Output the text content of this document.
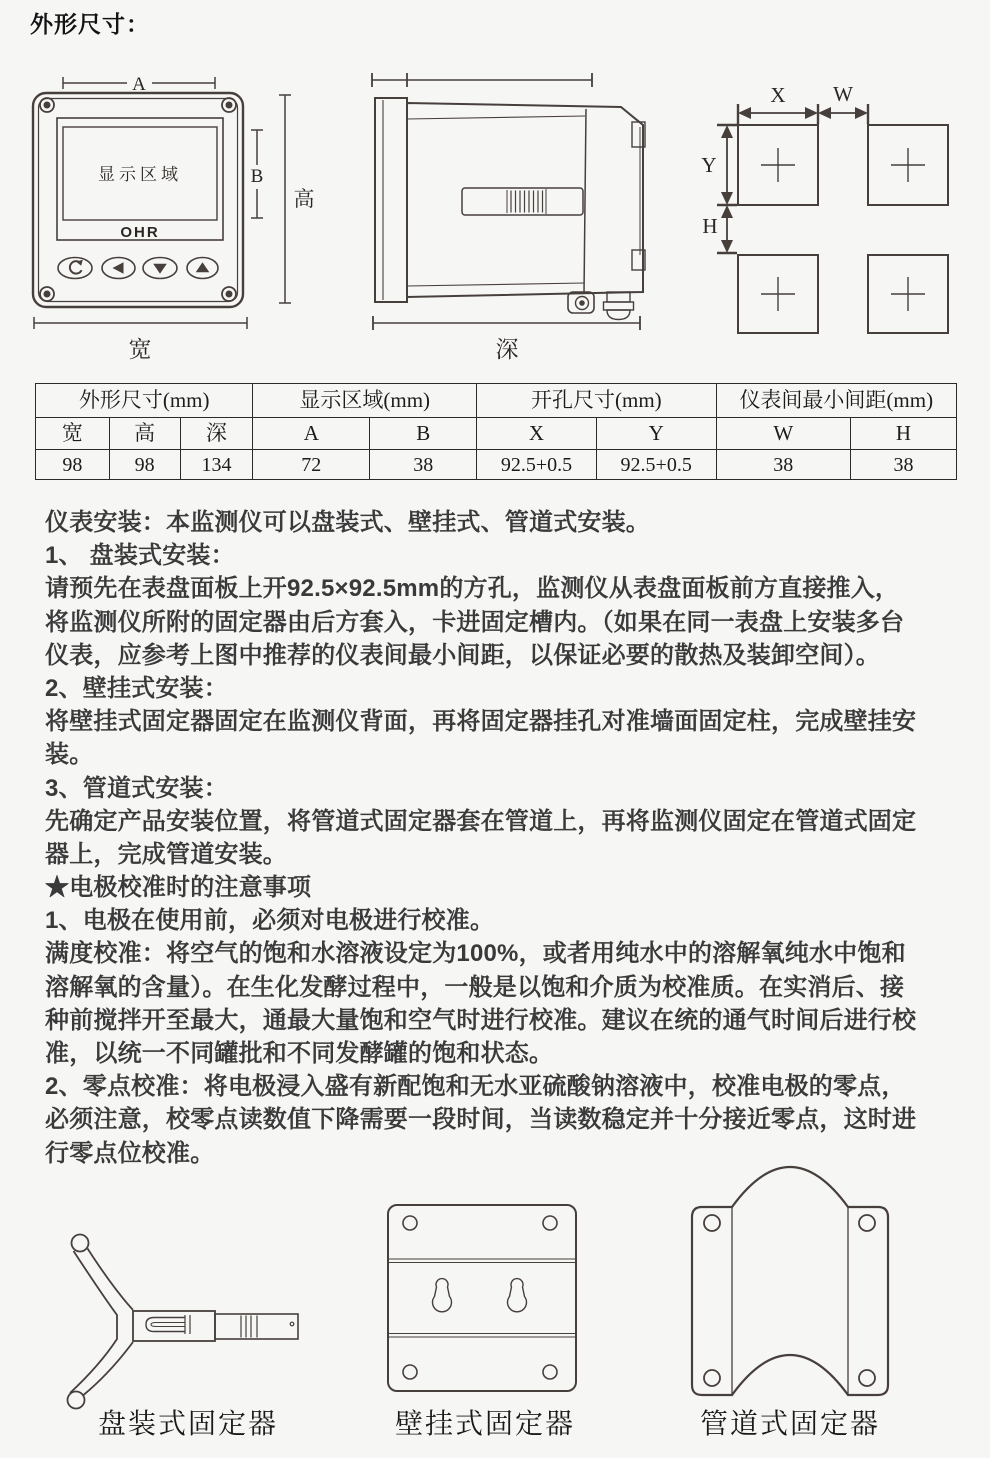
外形尺寸：
A
B
高
宽
显示区域
OHR
深
X W
Y
H
外形尺寸(mm)			显示区域(mm)		开孔尺寸(mm)		仪表间最小间距(mm)	
宽	高	深	A	B	X	Y	W	H
98	98	134	72	38	92.5+0.5	92.5+0.5	38	38
仪表安装：本监测仪可以盘装式、壁挂式、管道式安装。
1、 盘装式安装：
请预先在表盘面板上开92.5×92.5mm的方孔，监测仪从表盘面板前方直接推入，
将监测仪所附的固定器由后方套入，卡进固定槽内。（如果在同一表盘上安装多台
仪表，应参考上图中推荐的仪表间最小间距，以保证必要的散热及装卸空间）。
2、壁挂式安装：
将壁挂式固定器固定在监测仪背面，再将固定器挂孔对准墙面固定柱，完成壁挂安
装。
3、管道式安装：
先确定产品安装位置，将管道式固定器套在管道上，再将监测仪固定在管道式固定
器上，完成管道安装。
★电极校准时的注意事项
1、电极在使用前，必须对电极进行校准。
满度校准：将空气的饱和水溶液设定为100%，或者用纯水中的溶解氧纯水中饱和
溶解氧的含量）。在生化发酵过程中，一般是以饱和介质为校准质。在实消后、接
种前搅拌开至最大，通最大量饱和空气时进行校准。建议在统的通气时间后进行校
准，以统一不同罐批和不同发酵罐的饱和状态。
2、零点校准：将电极浸入盛有新配饱和无水亚硫酸钠溶液中，校准电极的零点，
必须注意，校零点读数值下降需要一段时间，当读数稳定并十分接近零点，这时进
行零点位校准。
盘装式固定器	壁挂式固定器	管道式固定器
